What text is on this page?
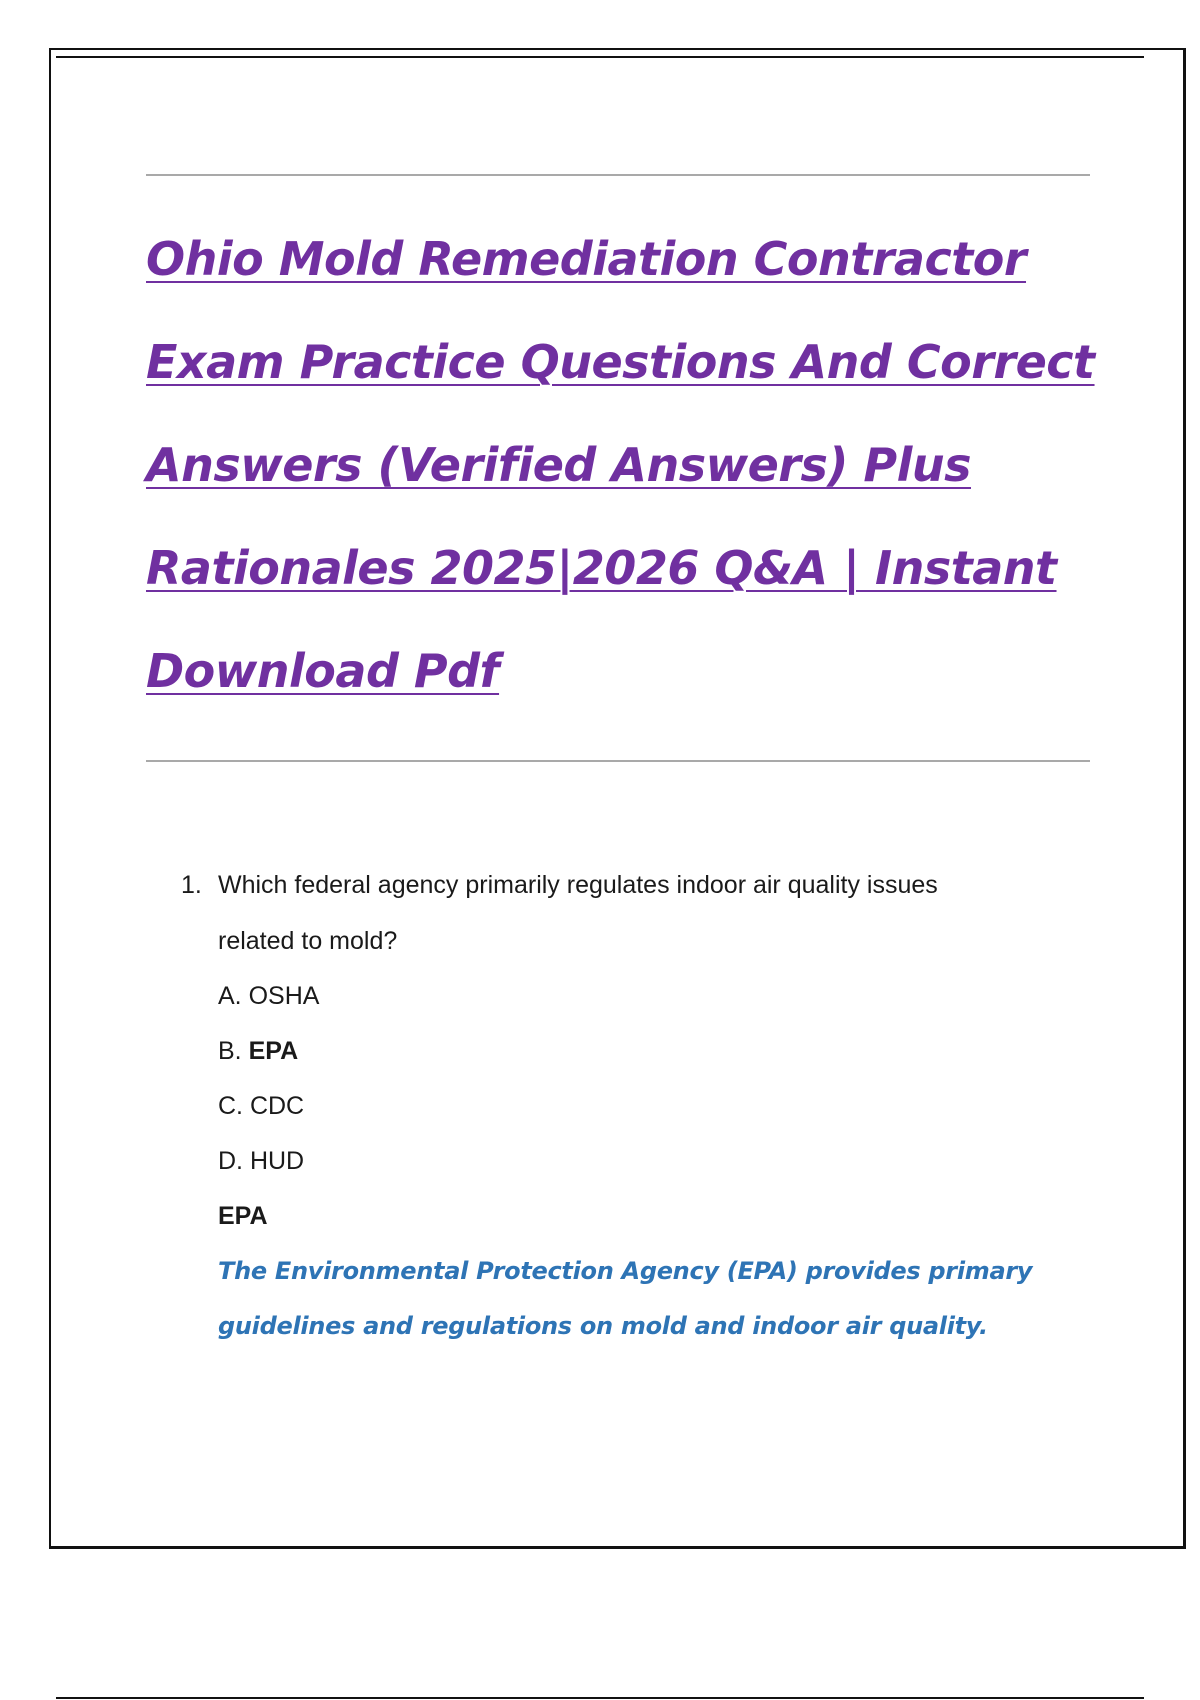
Ohio Mold Remediation Contractor
Exam Practice Questions And Correct
Answers (Verified Answers) Plus
Rationales 2025|2026 Q&A | Instant
Download Pdf
1. Which federal agency primarily regulates indoor air quality issues
related to mold?
A. OSHA
B. EPA
C. CDC
D. HUD
EPA
The Environmental Protection Agency (EPA) provides primary
guidelines and regulations on mold and indoor air quality.
